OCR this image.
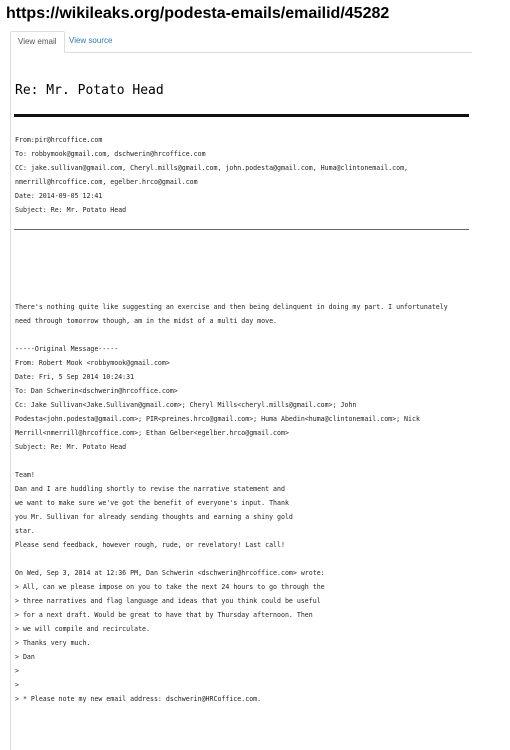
https://wikileaks.org/podesta-emails/emailid/45282
View email	View source
Re: Mr. Potato Head
From:pir@hrcoffice.com
To: robbymook@gmail.com, dschwerin@hrcoffice.com
CC: jake.sullivan@gmail.com, Cheryl.mills@gmail.com, john.podesta@gmail.com, Huma@clintonemail.com,
nmerrill@hrcoffice.com, egelber.hrco@gmail.com
Date: 2014-09-05 12:41
Subject: Re: Mr. Potato Head
There's nothing quite like suggesting an exercise and then being delinquent in doing my part. I unfortunately
need through tomorrow though, am in the midst of a multi day move.
-----Original Message-----
From: Robert Mook <robbymook@gmail.com>
Date: Fri, 5 Sep 2014 10:24:31
To: Dan Schwerin<dschwerin@hrcoffice.com>
Cc: Jake Sullivan<Jake.Sullivan@gmail.com>; Cheryl Mills<cheryl.mills@gmail.com>; John
Podesta<john.podesta@gmail.com>; PIR<preines.hrco@gmail.com>; Huma Abedin<huma@clintonemail.com>; Nick
Merrill<nmerrill@hrcoffice.com>; Ethan Gelber<egelber.hrco@gmail.com>
Subject: Re: Mr. Potato Head
Team!
Dan and I are huddling shortly to revise the narrative statement and
we want to make sure we've got the benefit of everyone's input. Thank
you Mr. Sullivan for already sending thoughts and earning a shiny gold
star.
Please send feedback, however rough, rude, or revelatory! Last call!
On Wed, Sep 3, 2014 at 12:36 PM, Dan Schwerin <dschwerin@hrcoffice.com> wrote:
> All, can we please impose on you to take the next 24 hours to go through the
> three narratives and flag language and ideas that you think could be useful
> for a next draft. Would be great to have that by Thursday afternoon. Then
> we will compile and recirculate.
> Thanks very much.
> Dan
>
>
> * Please note my new email address: dschwerin@HRCoffice.com.
